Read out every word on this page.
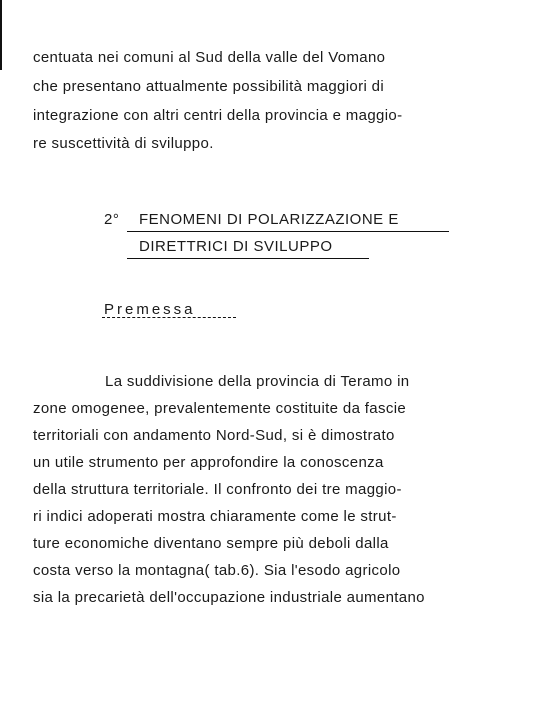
centuata nei comuni al Sud della valle del Vomano
che presentano attualmente possibilità maggiori di
integrazione con altri centri della provincia e maggio-
re suscettività di sviluppo.
2° FENOMENI DI POLARIZZAZIONE E
DIRETTRICI DI SVILUPPO
Premessa
La suddivisione della provincia di Teramo in
zone omogenee, prevalentemente costituite da fascie
territoriali con andamento Nord-Sud, si è dimostrato
un utile strumento per approfondire la conoscenza
della struttura territoriale. Il confronto dei tre maggio-
ri indici adoperati mostra chiaramente come le strut-
ture economiche diventano sempre più deboli dalla
costa verso la montagna( tab.6). Sia l'esodo agricolo
sia la precarietà dell'occupazione industriale aumentano
